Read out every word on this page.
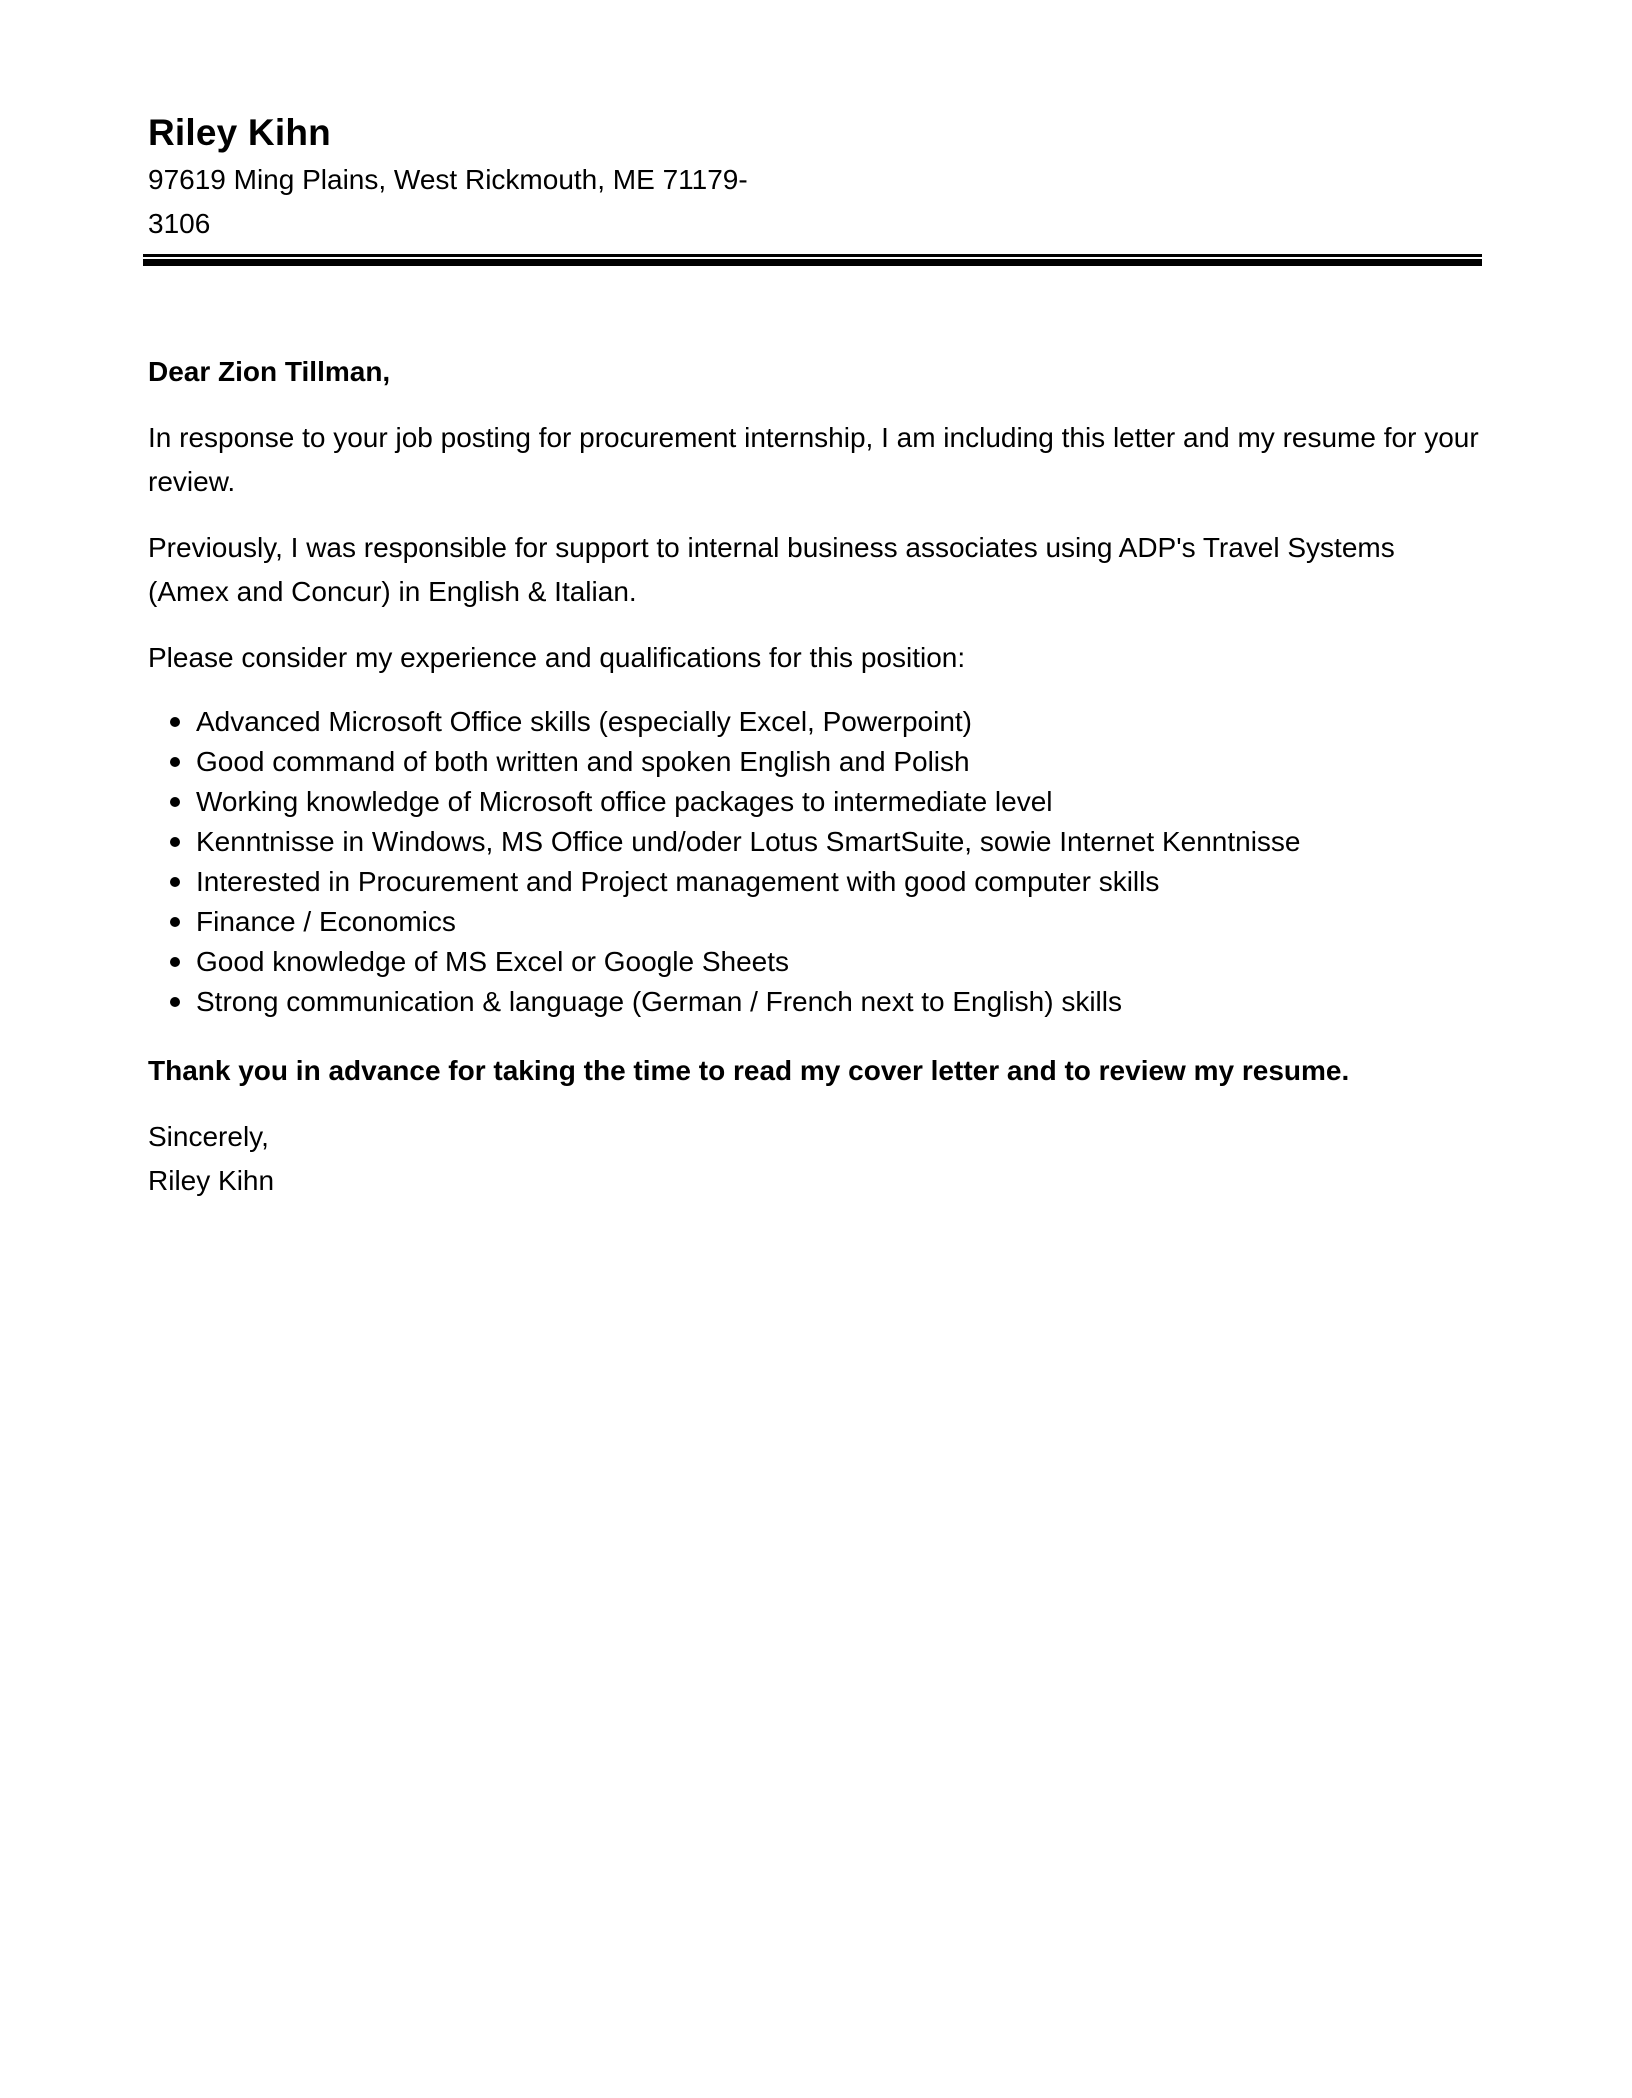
Riley Kihn
97619 Ming Plains, West Rickmouth, ME 71179-
3106
Dear Zion Tillman,
In response to your job posting for procurement internship, I am including this letter and my resume for your review.
Previously, I was responsible for support to internal business associates using ADP's Travel Systems (Amex and Concur) in English & Italian.
Please consider my experience and qualifications for this position:
Advanced Microsoft Office skills (especially Excel, Powerpoint)
Good command of both written and spoken English and Polish
Working knowledge of Microsoft office packages to intermediate level
Kenntnisse in Windows, MS Office und/oder Lotus SmartSuite, sowie Internet Kenntnisse
Interested in Procurement and Project management with good computer skills
Finance / Economics
Good knowledge of MS Excel or Google Sheets
Strong communication & language (German / French next to English) skills
Thank you in advance for taking the time to read my cover letter and to review my resume.
Sincerely,
Riley Kihn
